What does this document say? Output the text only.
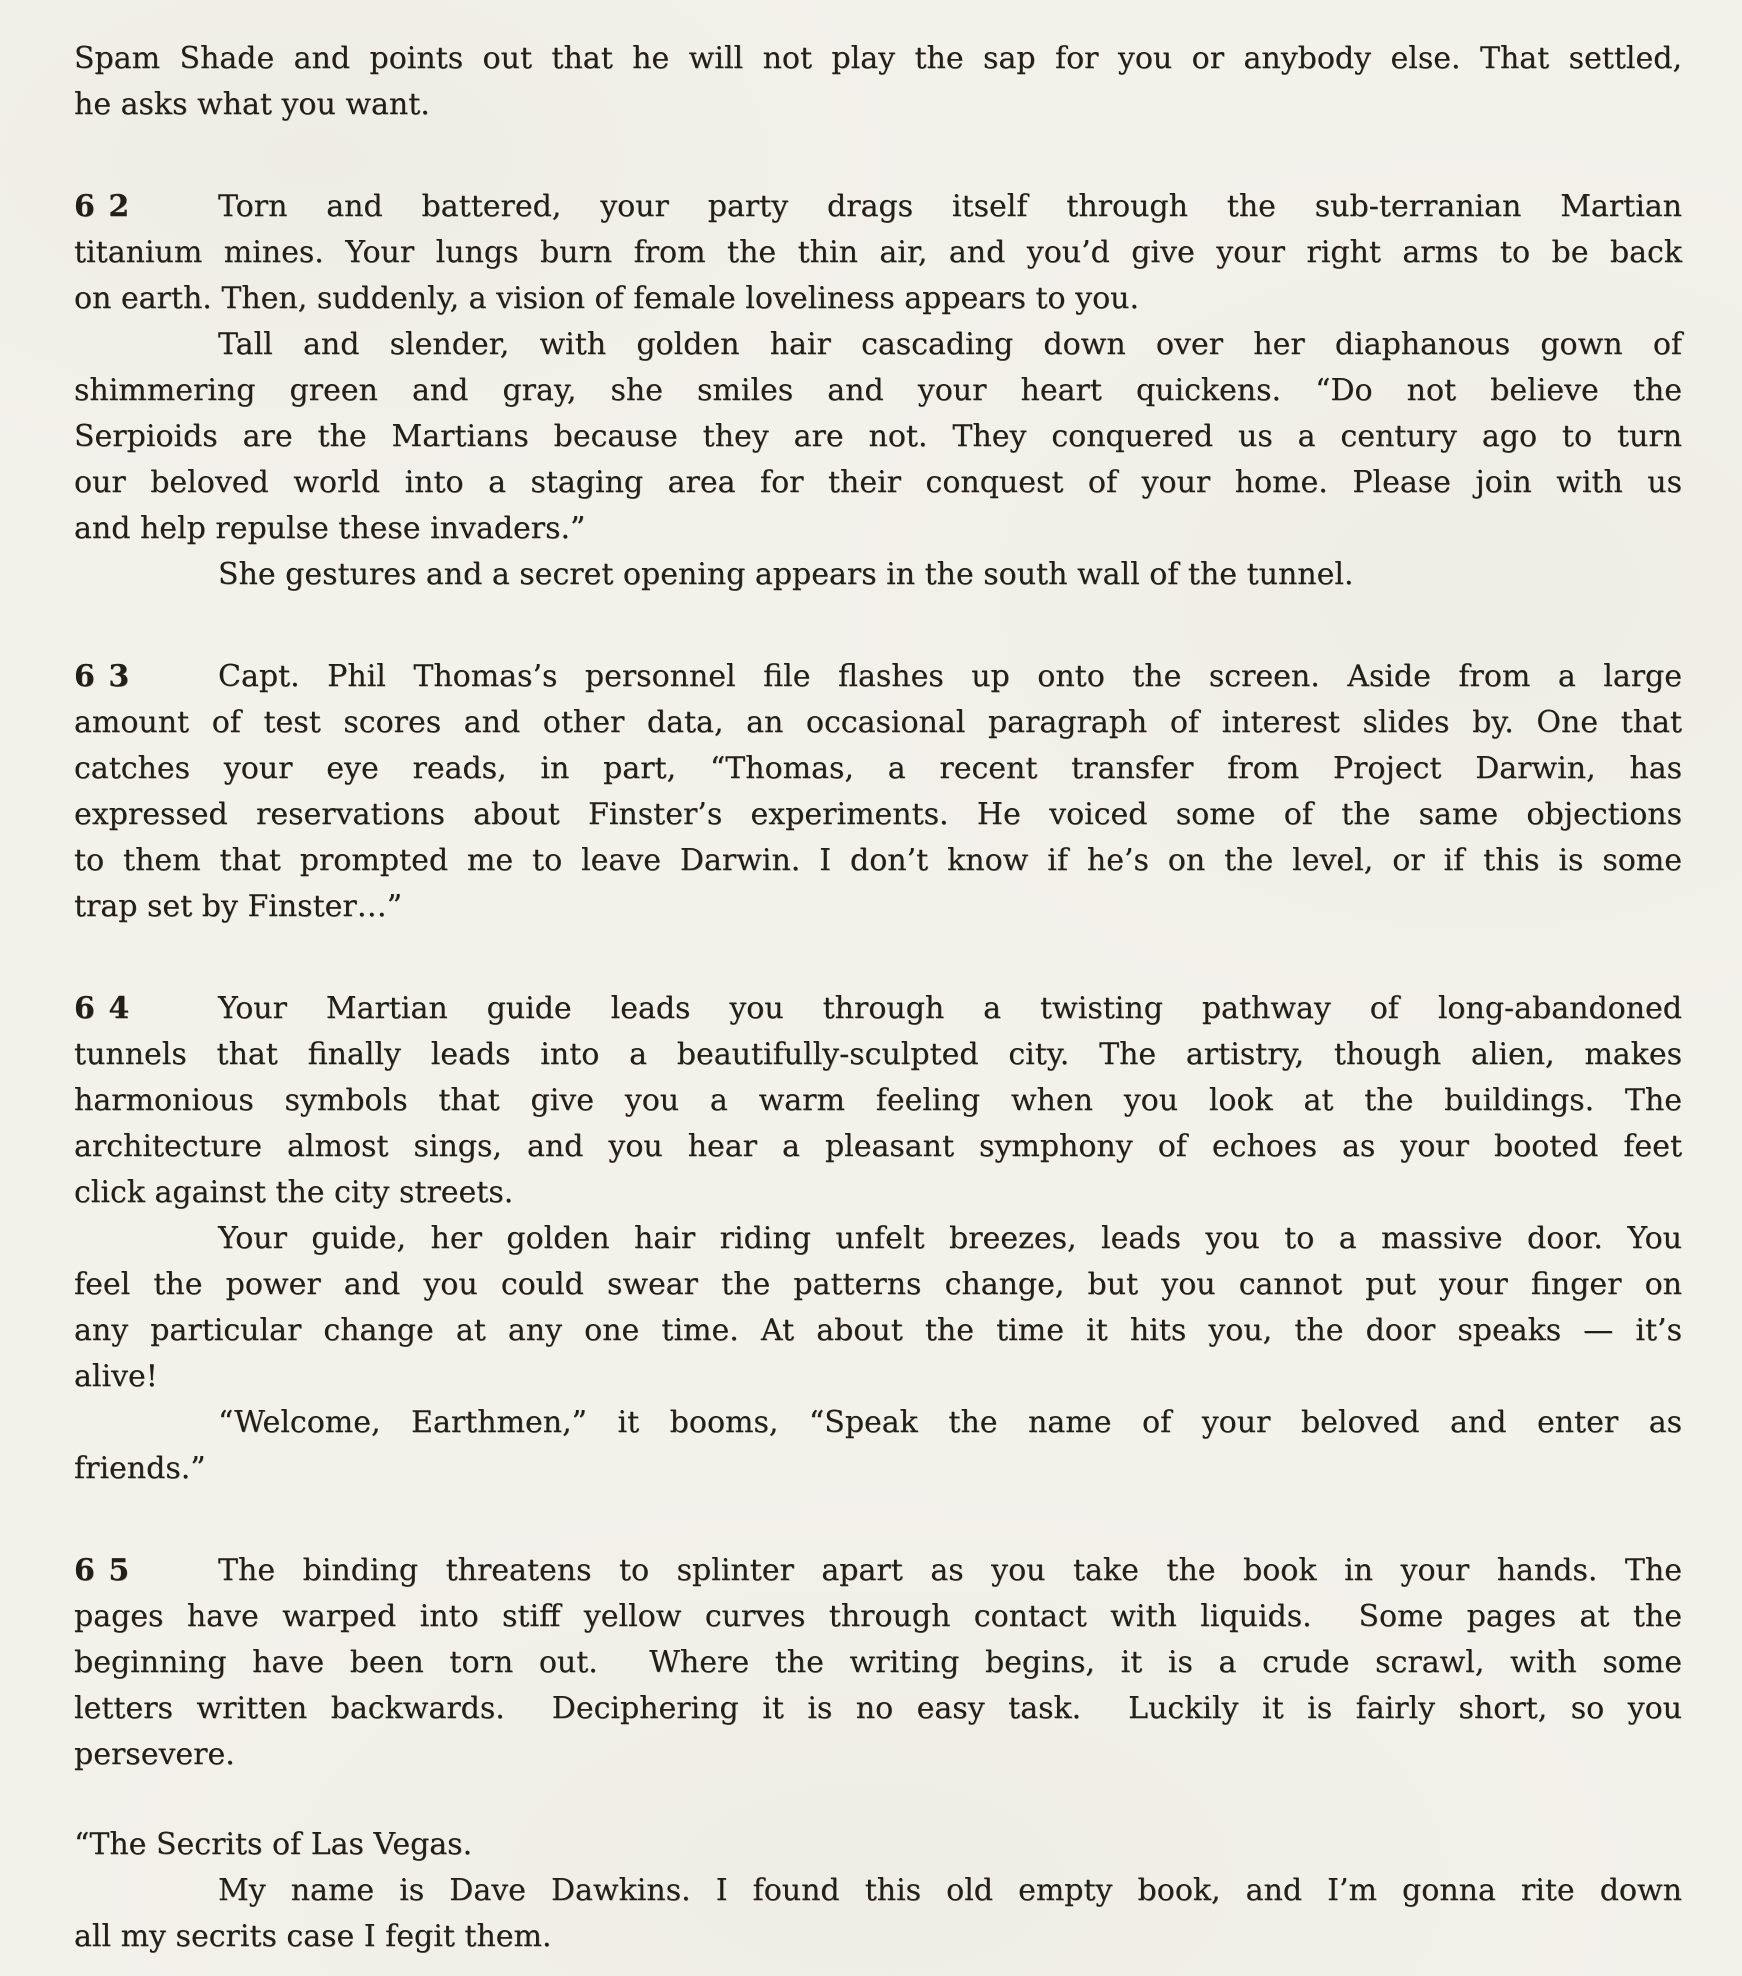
Spam Shade and points out that he will not play the sap for you or anybody else. That settled,
he asks what you want.
62	Torn and battered, your party drags itself through the sub-terranian Martian
titanium mines. Your lungs burn from the thin air, and you’d give your right arms to be back
on earth. Then, suddenly, a vision of female loveliness appears to you.
Tall and slender, with golden hair cascading down over her diaphanous gown of
shimmering green and gray, she smiles and your heart quickens. “Do not believe the
Serpioids are the Martians because they are not. They conquered us a century ago to turn
our beloved world into a staging area for their conquest of your home. Please join with us
and help repulse these invaders.”
She gestures and a secret opening appears in the south wall of the tunnel.
63	Capt. Phil Thomas’s personnel file flashes up onto the screen. Aside from a large
amount of test scores and other data, an occasional paragraph of interest slides by. One that
catches your eye reads, in part, “Thomas, a recent transfer from Project Darwin, has
expressed reservations about Finster’s experiments. He voiced some of the same objections
to them that prompted me to leave Darwin. I don’t know if he’s on the level, or if this is some
trap set by Finster…”
64	Your Martian guide leads you through a twisting pathway of long-abandoned
tunnels that finally leads into a beautifully-sculpted city. The artistry, though alien, makes
harmonious symbols that give you a warm feeling when you look at the buildings. The
architecture almost sings, and you hear a pleasant symphony of echoes as your booted feet
click against the city streets.
Your guide, her golden hair riding unfelt breezes, leads you to a massive door. You
feel the power and you could swear the patterns change, but you cannot put your finger on
any particular change at any one time. At about the time it hits you, the door speaks — it’s
alive!
“Welcome, Earthmen,” it booms, “Speak the name of your beloved and enter as
friends.”
65	The binding threatens to splinter apart as you take the book in your hands. The
pages have warped into stiff yellow curves through contact with liquids.  Some pages at the
beginning have been torn out.  Where the writing begins, it is a crude scrawl, with some
letters written backwards.  Deciphering it is no easy task.  Luckily it is fairly short, so you
persevere.
“The Secrits of Las Vegas.
My name is Dave Dawkins. I found this old empty book, and I’m gonna rite down
all my secrits case I fegit them.
